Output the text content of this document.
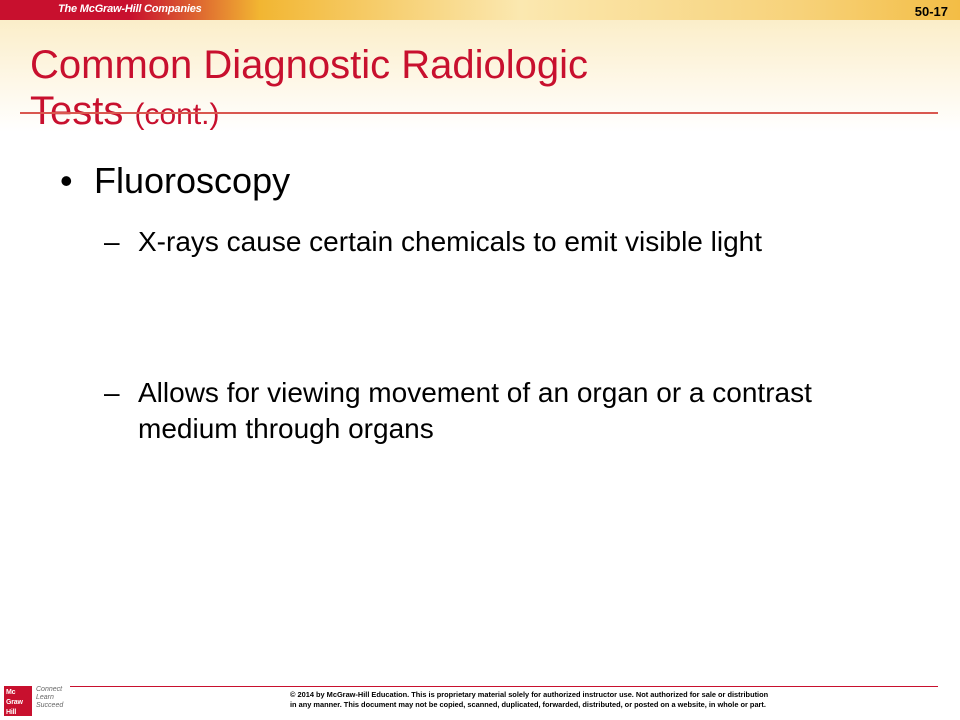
The McGraw-Hill Companies	50-17
Common Diagnostic Radiologic
Tests (cont.)
• Fluoroscopy
– X-rays cause certain chemicals to emit visible light
– Allows for viewing movement of an organ or a contrast medium through organs
Mc
Graw
Hill
Connect
Learn
Succeed
© 2014 by McGraw-Hill Education. This is proprietary material solely for authorized instructor use. Not authorized for sale or distribution
in any manner. This document may not be copied, scanned, duplicated, forwarded, distributed, or posted on a website, in whole or part.
